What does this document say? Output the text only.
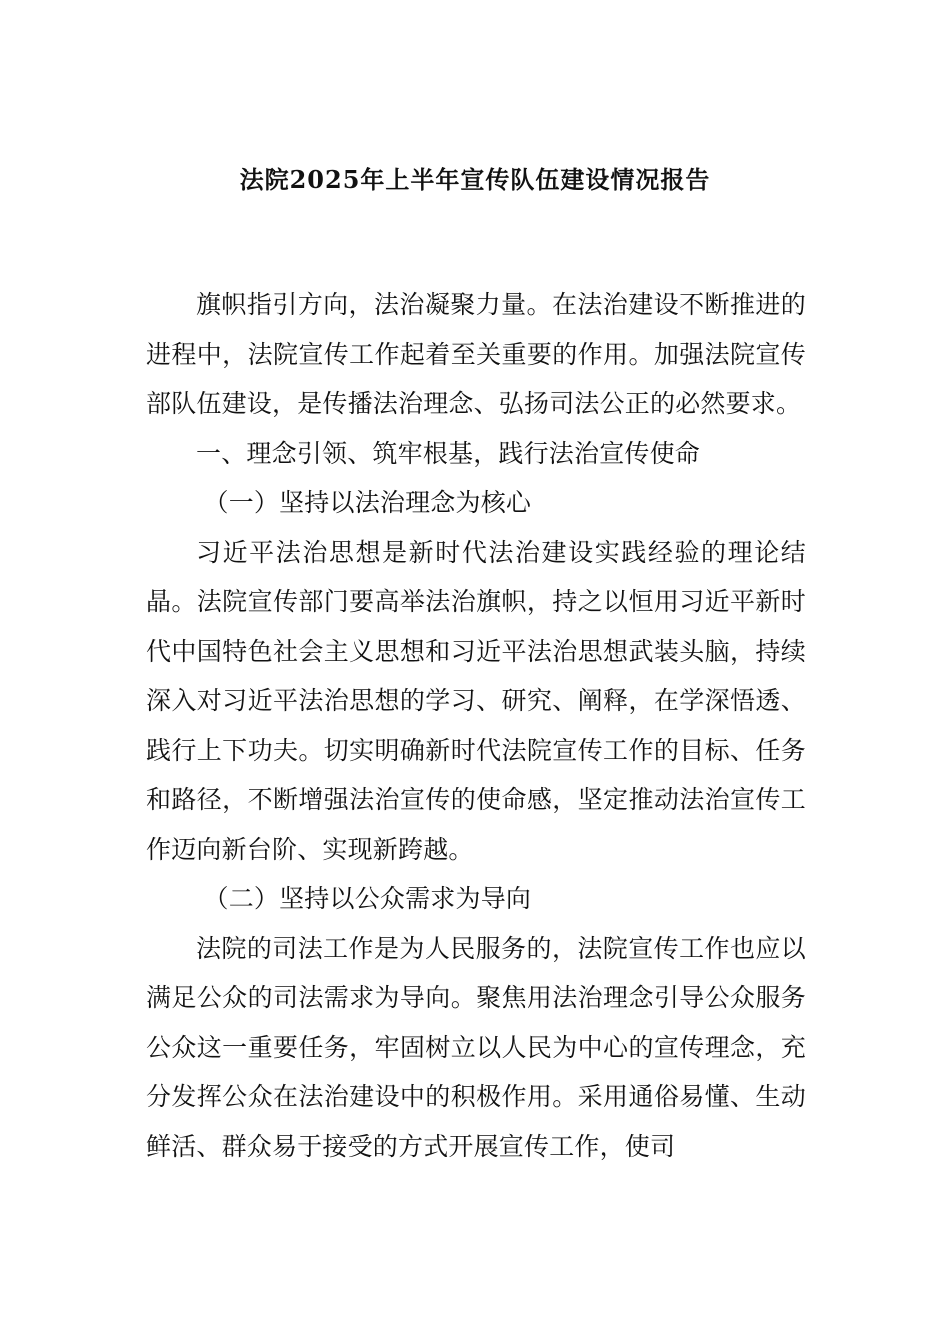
法院2025年上半年宣传队伍建设情况报告

旗帜指引方向，法治凝聚力量。在法治建设不断推进的进程中，法院宣传工作起着至关重要的作用。加强法院宣传部队伍建设，是传播法治理念、弘扬司法公正的必然要求。

一、理念引领、筑牢根基，践行法治宣传使命

（一）坚持以法治理念为核心

习近平法治思想是新时代法治建设实践经验的理论结晶。法院宣传部门要高举法治旗帜，持之以恒用习近平新时代中国特色社会主义思想和习近平法治思想武装头脑，持续深入对习近平法治思想的学习、研究、阐释，在学深悟透、践行上下功夫。切实明确新时代法院宣传工作的目标、任务和路径，不断增强法治宣传的使命感，坚定推动法治宣传工作迈向新台阶、实现新跨越。

（二）坚持以公众需求为导向

法院的司法工作是为人民服务的，法院宣传工作也应以满足公众的司法需求为导向。聚焦用法治理念引导公众服务公众这一重要任务，牢固树立以人民为中心的宣传理念，充分发挥公众在法治建设中的积极作用。采用通俗易懂、生动鲜活、群众易于接受的方式开展宣传工作，使司
